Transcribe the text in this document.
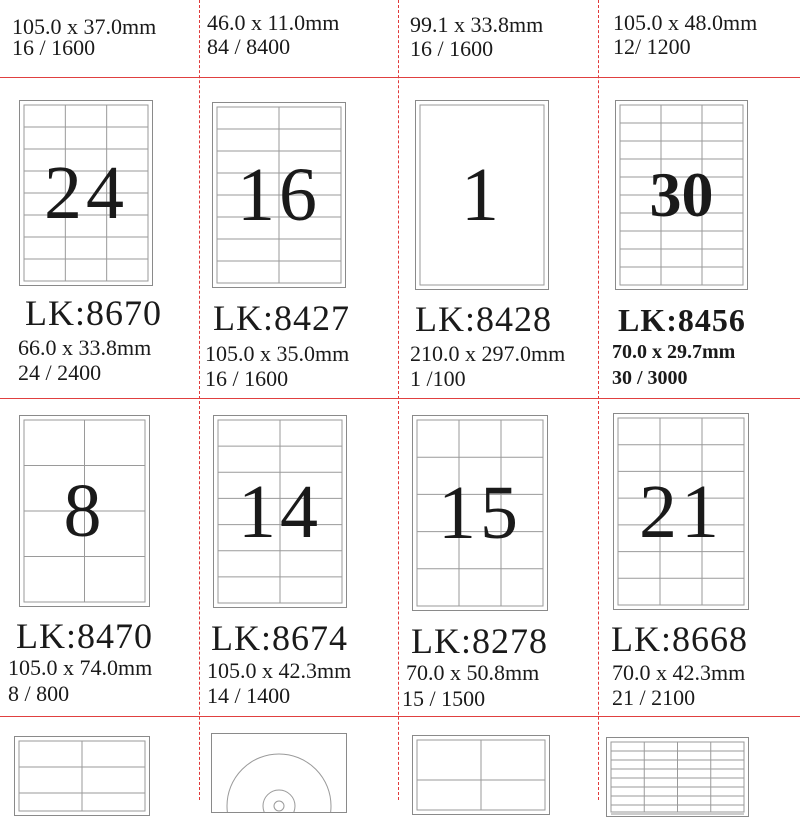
105.0 x 37.0mm
16 / 1600
46.0 x 11.0mm
84 / 8400
99.1 x 33.8mm
16 / 1600
105.0 x 48.0mm
12/ 1200
24
LK:8670
66.0 x 33.8mm
24 / 2400
16
LK:8427
105.0 x 35.0mm
16 / 1600
1
LK:8428
210.0 x 297.0mm
1 /100
30
LK:8456
70.0 x 29.7mm
30 / 3000
8
LK:8470
105.0 x 74.0mm
8 / 800
14
LK:8674
105.0 x 42.3mm
14 / 1400
15
LK:8278
70.0 x 50.8mm
15 / 1500
21
LK:8668
70.0 x 42.3mm
21 / 2100
